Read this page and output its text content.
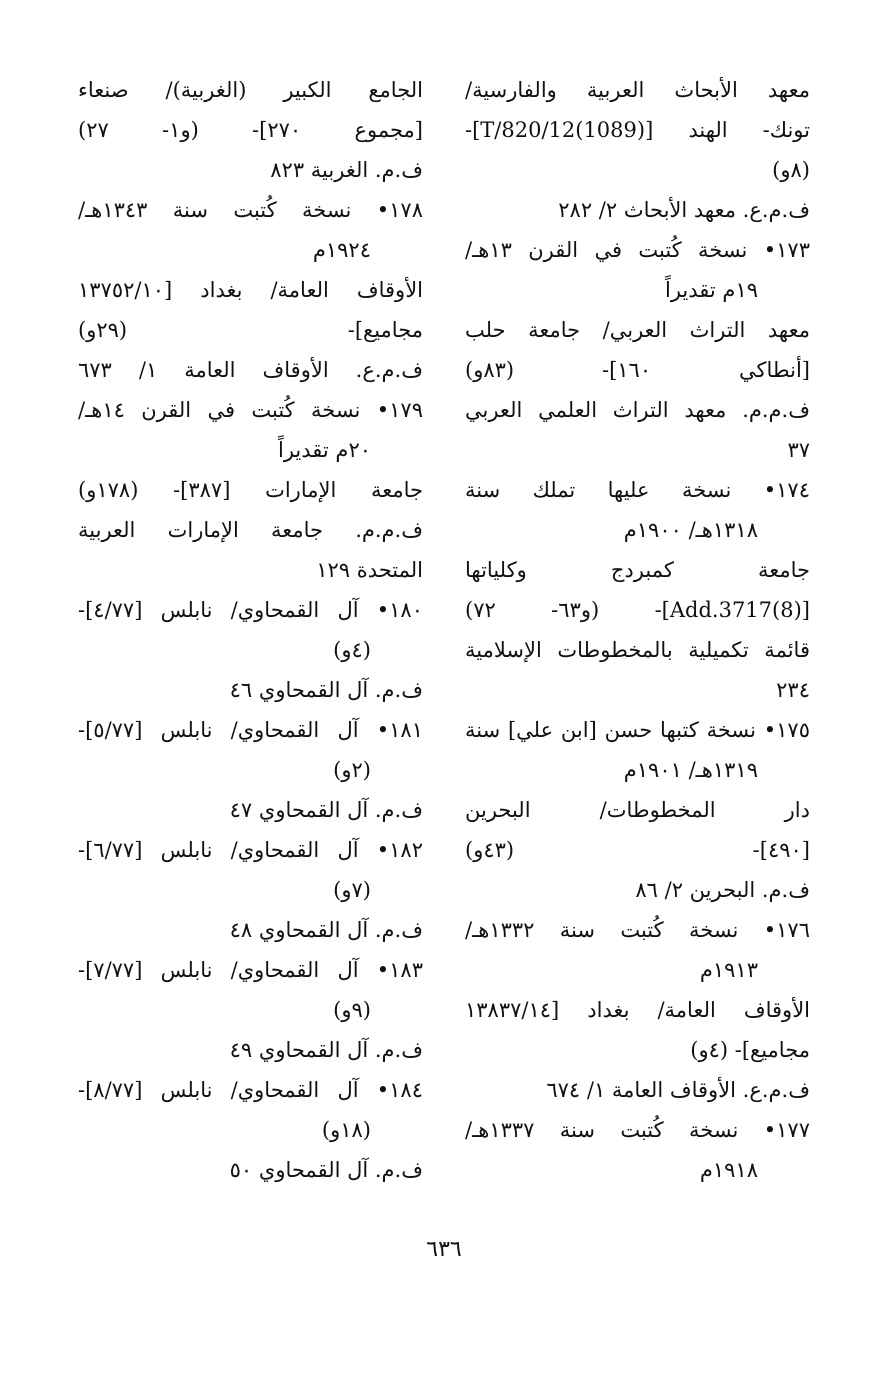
معهد الأبحاث العربية والفارسية/
تونك- الهند [T/820/12(1089)]-
(٨و)
ف.م.ع. معهد الأبحاث ٢/ ٢٨٢
١٧٣• نسخة كُتبت في القرن ١٣هـ/
١٩م تقديراً
معهد التراث العربي/ جامعة حلب
[أنطاكي ١٦٠]- (٨٣و)
ف.م.م. معهد التراث العلمي العربي
٣٧
١٧٤• نسخة عليها تملك سنة
١٣١٨هـ/ ١٩٠٠م
جامعة كمبردج وكلياتها
[Add.3717(8)]- (و٦٣- ٧٢)
قائمة تكميلية بالمخطوطات الإسلامية
٢٣٤
١٧٥• نسخة كتبها حسن [ابن علي] سنة
١٣١٩هـ/ ١٩٠١م
دار المخطوطات/ البحرين
[٤٩٠]- (٤٣و)
ف.م. البحرين ٢/ ٨٦
١٧٦• نسخة كُتبت سنة ١٣٣٢هـ/
١٩١٣م
الأوقاف العامة/ بغداد [١٣٨٣٧/١٤
مجاميع]- (٤و)
ف.م.ع. الأوقاف العامة ١/ ٦٧٤
١٧٧• نسخة كُتبت سنة ١٣٣٧هـ/
١٩١٨م
الجامع الكبير (الغربية)/ صنعاء
[مجموع ٢٧٠]- (و١- ٢٧)
ف.م. الغربية ٨٢٣
١٧٨• نسخة كُتبت سنة ١٣٤٣هـ/
١٩٢٤م
الأوقاف العامة/ بغداد [١٣٧٥٢/١٠
مجاميع]- (٢٩و)
ف.م.ع. الأوقاف العامة ١/ ٦٧٣
١٧٩• نسخة كُتبت في القرن ١٤هـ/
٢٠م تقديراً
جامعة الإمارات [٣٨٧]- (١٧٨و)
ف.م.م. جامعة الإمارات العربية
المتحدة ١٢٩
١٨٠• آل القمحاوي/ نابلس [٤/٧٧]-
(٤و)
ف.م. آل القمحاوي ٤٦
١٨١• آل القمحاوي/ نابلس [٥/٧٧]-
(٢و)
ف.م. آل القمحاوي ٤٧
١٨٢• آل القمحاوي/ نابلس [٦/٧٧]-
(٧و)
ف.م. آل القمحاوي ٤٨
١٨٣• آل القمحاوي/ نابلس [٧/٧٧]-
(٩و)
ف.م. آل القمحاوي ٤٩
١٨٤• آل القمحاوي/ نابلس [٨/٧٧]-
(١٨و)
ف.م. آل القمحاوي ٥٠
٦٣٦
